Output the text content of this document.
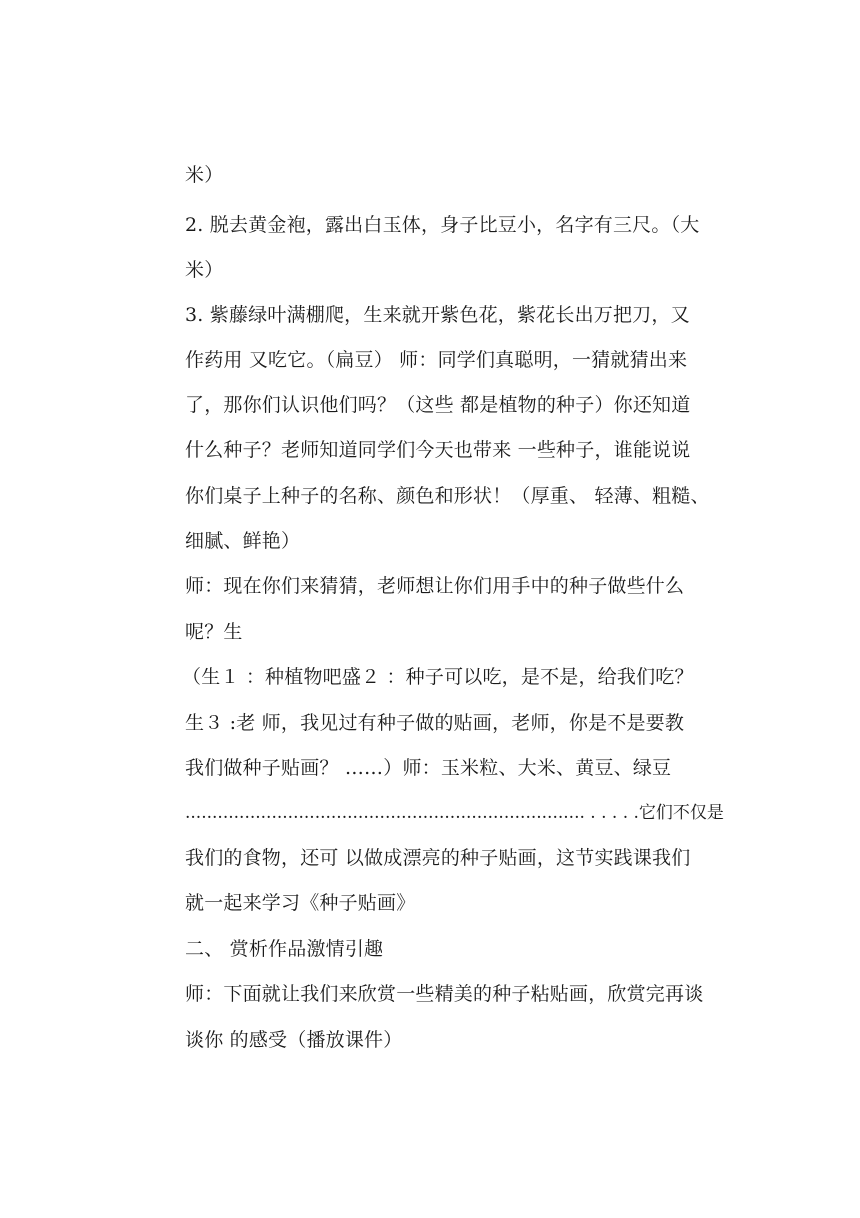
米）
2. 脱去黄金袍，露出白玉体，身子比豆小，名字有三尺。（大
米）
3. 紫藤绿叶满棚爬，生来就开紫色花，紫花长出万把刀，又
作药用 又吃它。（扁豆） 师：同学们真聪明，一猜就猜出来
了，那你们认识他们吗？（这些 都是植物的种子）你还知道
什么种子？老师知道同学们今天也带来 一些种子，谁能说说
你们桌子上种子的名称、颜色和形状！（厚重、 轻薄、粗糙、
细腻、鲜艳）
师：现在你们来猜猜，老师想让你们用手中的种子做些什么
呢？生
（生１ ：种植物吧盛２ ：种子可以吃，是不是，给我们吃？
生３ :老 师，我见过有种子做的贴画，老师，你是不是要教
我们做种子贴画？ ……）师：玉米粒、大米、黄豆、绿豆
.......................................................................... . . . . .它们不仅是
我们的食物，还可 以做成漂亮的种子贴画，这节实践课我们
就一起来学习《种子贴画》
二、 赏析作品激情引趣
师：下面就让我们来欣赏一些精美的种子粘贴画，欣赏完再谈
谈你 的感受（播放课件）
